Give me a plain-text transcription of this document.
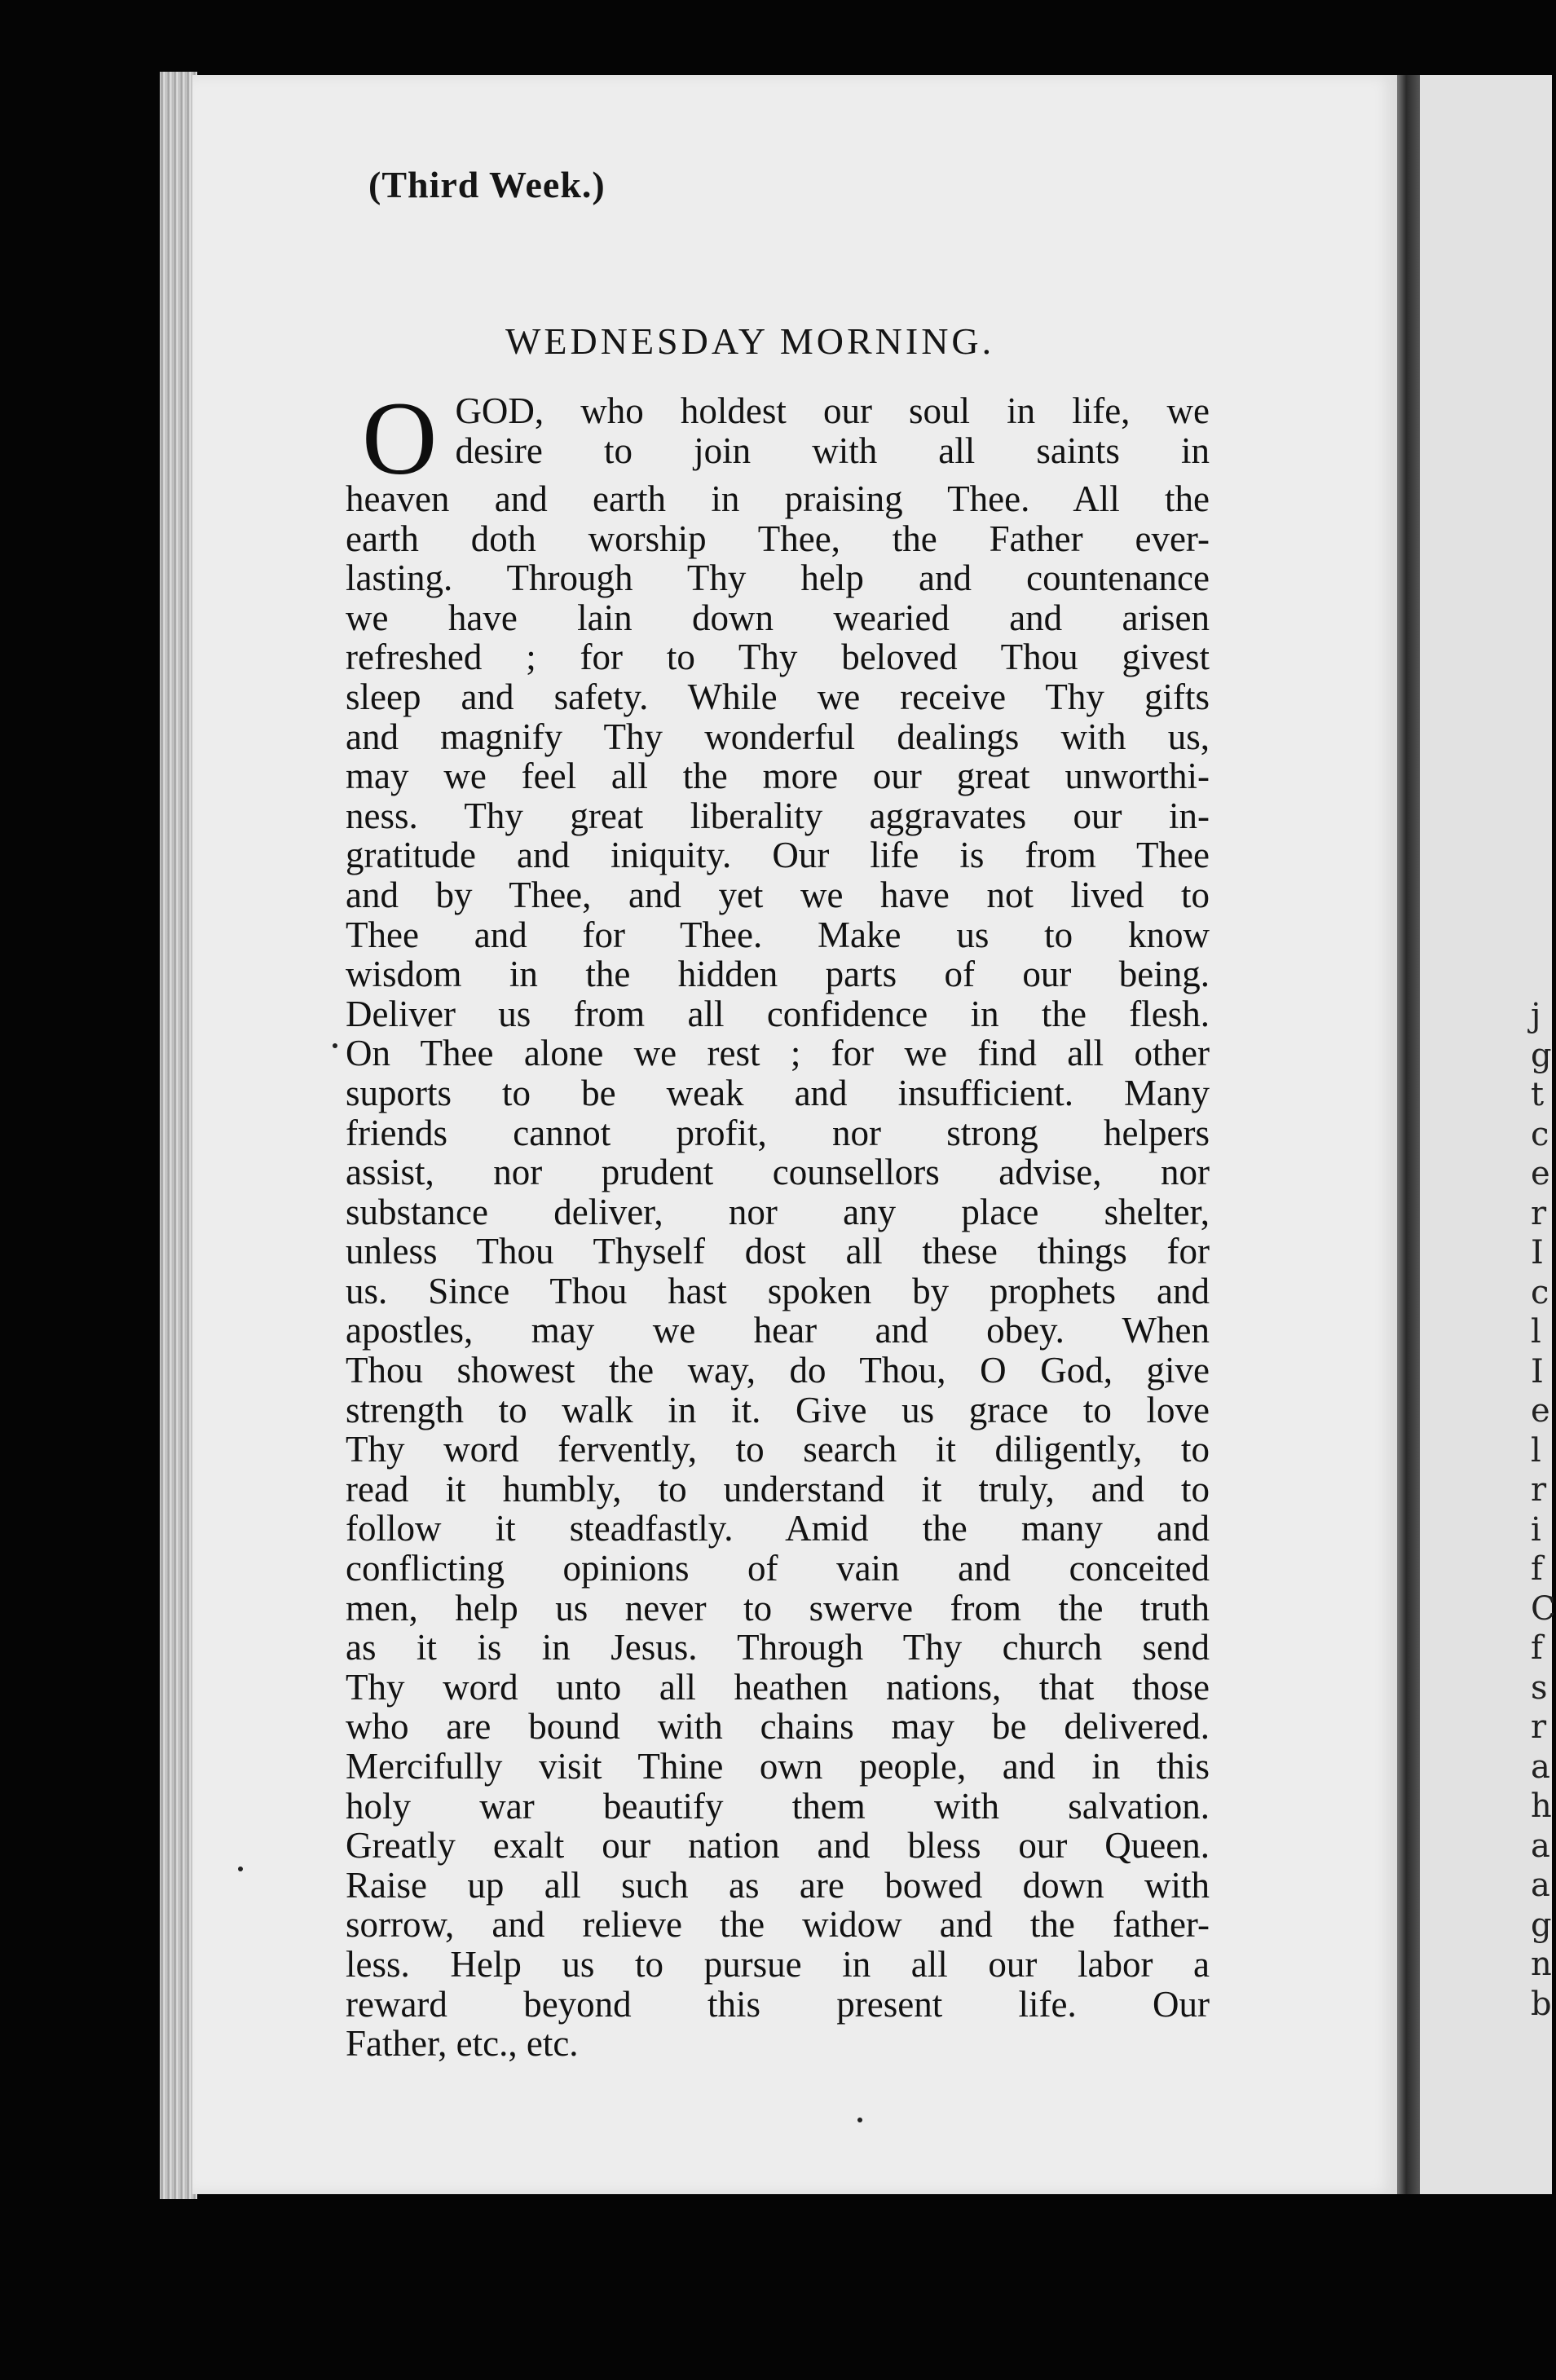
(Third Week.)
WEDNESDAY MORNING.
O GOD, who holdest our soul in life, we
desire to join with all saints in
heaven and earth in praising Thee. All the
earth doth worship Thee, the Father ever-
lasting. Through Thy help and countenance
we have lain down wearied and arisen
refreshed ; for to Thy beloved Thou givest
sleep and safety. While we receive Thy gifts
and magnify Thy wonderful dealings with us,
may we feel all the more our great unworthi-
ness. Thy great liberality aggravates our in-
gratitude and iniquity. Our life is from Thee
and by Thee, and yet we have not lived to
Thee and for Thee. Make us to know
wisdom in the hidden parts of our being.
Deliver us from all confidence in the flesh.
On Thee alone we rest ; for we find all other
suports to be weak and insufficient. Many
friends cannot profit, nor strong helpers
assist, nor prudent counsellors advise, nor
substance deliver, nor any place shelter,
unless Thou Thyself dost all these things for
us. Since Thou hast spoken by prophets and
apostles, may we hear and obey. When
Thou showest the way, do Thou, O God, give
strength to walk in it. Give us grace to love
Thy word fervently, to search it diligently, to
read it humbly, to understand it truly, and to
follow it steadfastly. Amid the many and
conflicting opinions of vain and conceited
men, help us never to swerve from the truth
as it is in Jesus. Through Thy church send
Thy word unto all heathen nations, that those
who are bound with chains may be delivered.
Mercifully visit Thine own people, and in this
holy war beautify them with salvation.
Greatly exalt our nation and bless our Queen.
Raise up all such as are bowed down with
sorrow, and relieve the widow and the father-
less. Help us to pursue in all our labor a
reward beyond this present life. Our
Father, etc., etc.
j
g
t
c
e
r
I
c
l
I
e
l
r
i
f
C
f
s
r
a
h
a
a
g
n
b
